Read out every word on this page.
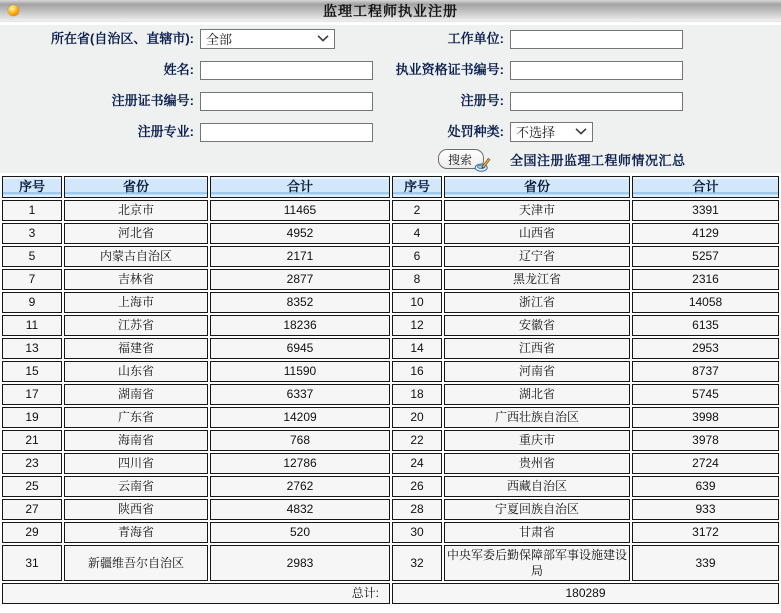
监理工程师执业注册
所在省(自治区、直辖市): 全部	工作单位:
姓名:	执业资格证书编号:
注册证书编号:	注册号:
注册专业:	处罚种类: 不选择
搜索	全国注册监理工程师情况汇总
序号	省份	合计	序号	省份	合计
1	北京市	11465	2	天津市	3391
3	河北省	4952	4	山西省	4129
5	内蒙古自治区	2171	6	辽宁省	5257
7	吉林省	2877	8	黑龙江省	2316
9	上海市	8352	10	浙江省	14058
11	江苏省	18236	12	安徽省	6135
13	福建省	6945	14	江西省	2953
15	山东省	11590	16	河南省	8737
17	湖南省	6337	18	湖北省	5745
19	广东省	14209	20	广西壮族自治区	3998
21	海南省	768	22	重庆市	3978
23	四川省	12786	24	贵州省	2724
25	云南省	2762	26	西藏自治区	639
27	陕西省	4832	28	宁夏回族自治区	933
29	青海省	520	30	甘肃省	3172
31	新疆维吾尔自治区	2983	32	中央军委后勤保障部军事设施建设局	339
总计:			180289		
